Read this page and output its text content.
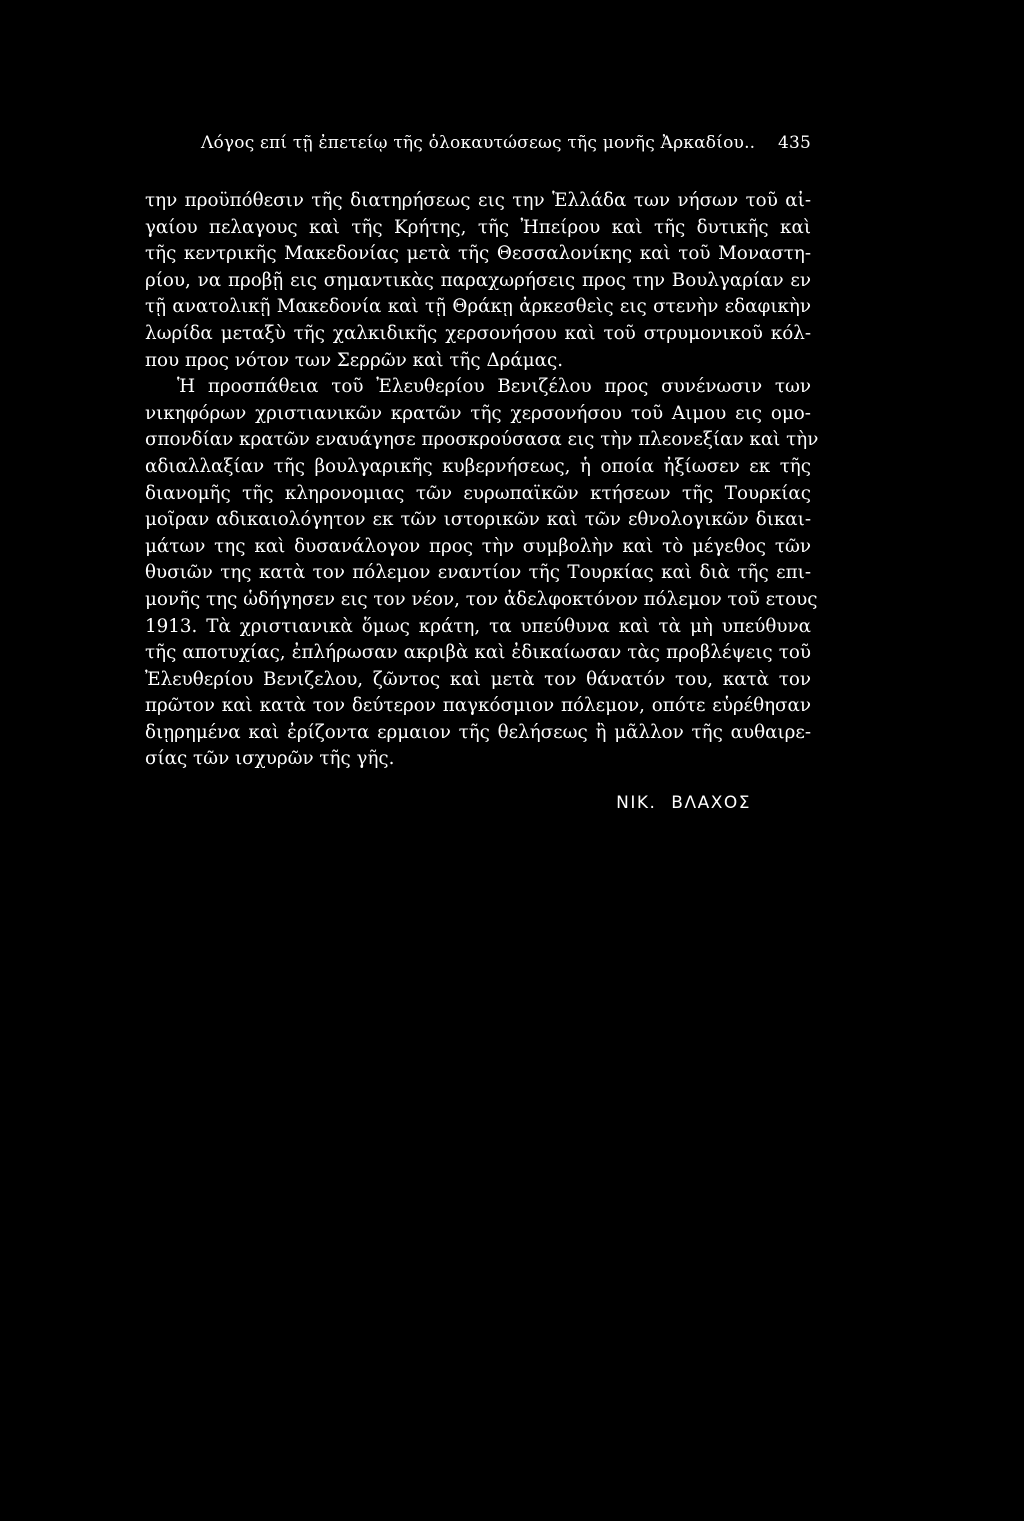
Λόγος επί τῇ ἐπετείῳ τῆς ὁλοκαυτώσεως τῆς μονῆς Ἀρκαδίου.. 435
την προϋπόθεσιν τῆς διατηρήσεως εις την Ἑλλάδα των νήσων τοῦ αἰ-
γαίου πελαγους καὶ τῆς Κρήτης, τῆς Ἠπείρου καὶ τῆς δυτικῆς καὶ
τῆς κεντρικῆς Μακεδονίας μετὰ τῆς Θεσσαλονίκης καὶ τοῦ Μοναστη-
ρίου, να προβῇ εις σημαντικὰς παραχωρήσεις προς την Βουλγαρίαν εν
τῇ ανατολικῇ Μακεδονία καὶ τῇ Θράκῃ ἀρκεσθεὶς εις στενὴν εδαφικὴν
λωρίδα μεταξὺ τῆς χαλκιδικῆς χερσονήσου καὶ τοῦ στρυμονικοῦ κόλ-
που προς νότον των Σερρῶν καὶ τῆς Δράμας.
Ἡ προσπάθεια τοῦ Ἐλευθερίου Βενιζέλου προς συνένωσιν των
νικηφόρων χριστιανικῶν κρατῶν τῆς χερσονήσου τοῦ Αιμου εις ομο-
σπονδίαν κρατῶν εναυάγησε προσκρούσασα εις τὴν πλεονεξίαν καὶ τὴν
αδιαλλαξίαν τῆς βουλγαρικῆς κυβερνήσεως, ἡ οποία ἠξίωσεν εκ τῆς
διανομῆς τῆς κληρονομιας τῶν ευρωπαϊκῶν κτήσεων τῆς Τουρκίας
μοῖραν αδικαιολόγητον εκ τῶν ιστορικῶν καὶ τῶν εθνολογικῶν δικαι-
μάτων της καὶ δυσανάλογον προς τὴν συμβολὴν καὶ τὸ μέγεθος τῶν
θυσιῶν της κατὰ τον πόλεμον εναντίον τῆς Τουρκίας καὶ διὰ τῆς επι-
μονῆς της ὡδήγησεν εις τον νέον, τον ἀδελφοκτόνον πόλεμον τοῦ ετους
1913. Τὰ χριστιανικὰ ὅμως κράτη, τα υπεύθυνα καὶ τὰ μὴ υπεύθυνα
τῆς αποτυχίας, ἐπλήρωσαν ακριβὰ καὶ ἐδικαίωσαν τὰς προβλέψεις τοῦ
Ἐλευθερίου Βενιζελου, ζῶντος καὶ μετὰ τον θάνατόν του, κατὰ τον
πρῶτον καὶ κατὰ τον δεύτερον παγκόσμιον πόλεμον, οπότε εὑρέθησαν
διῃρημένα καὶ ἐρίζοντα ερμαιον τῆς θελήσεως ἢ μᾶλλον τῆς αυθαιρε-
σίας τῶν ισχυρῶν τῆς γῆς.
ΝΙΚ. ΒΛΑΧΟΣ
